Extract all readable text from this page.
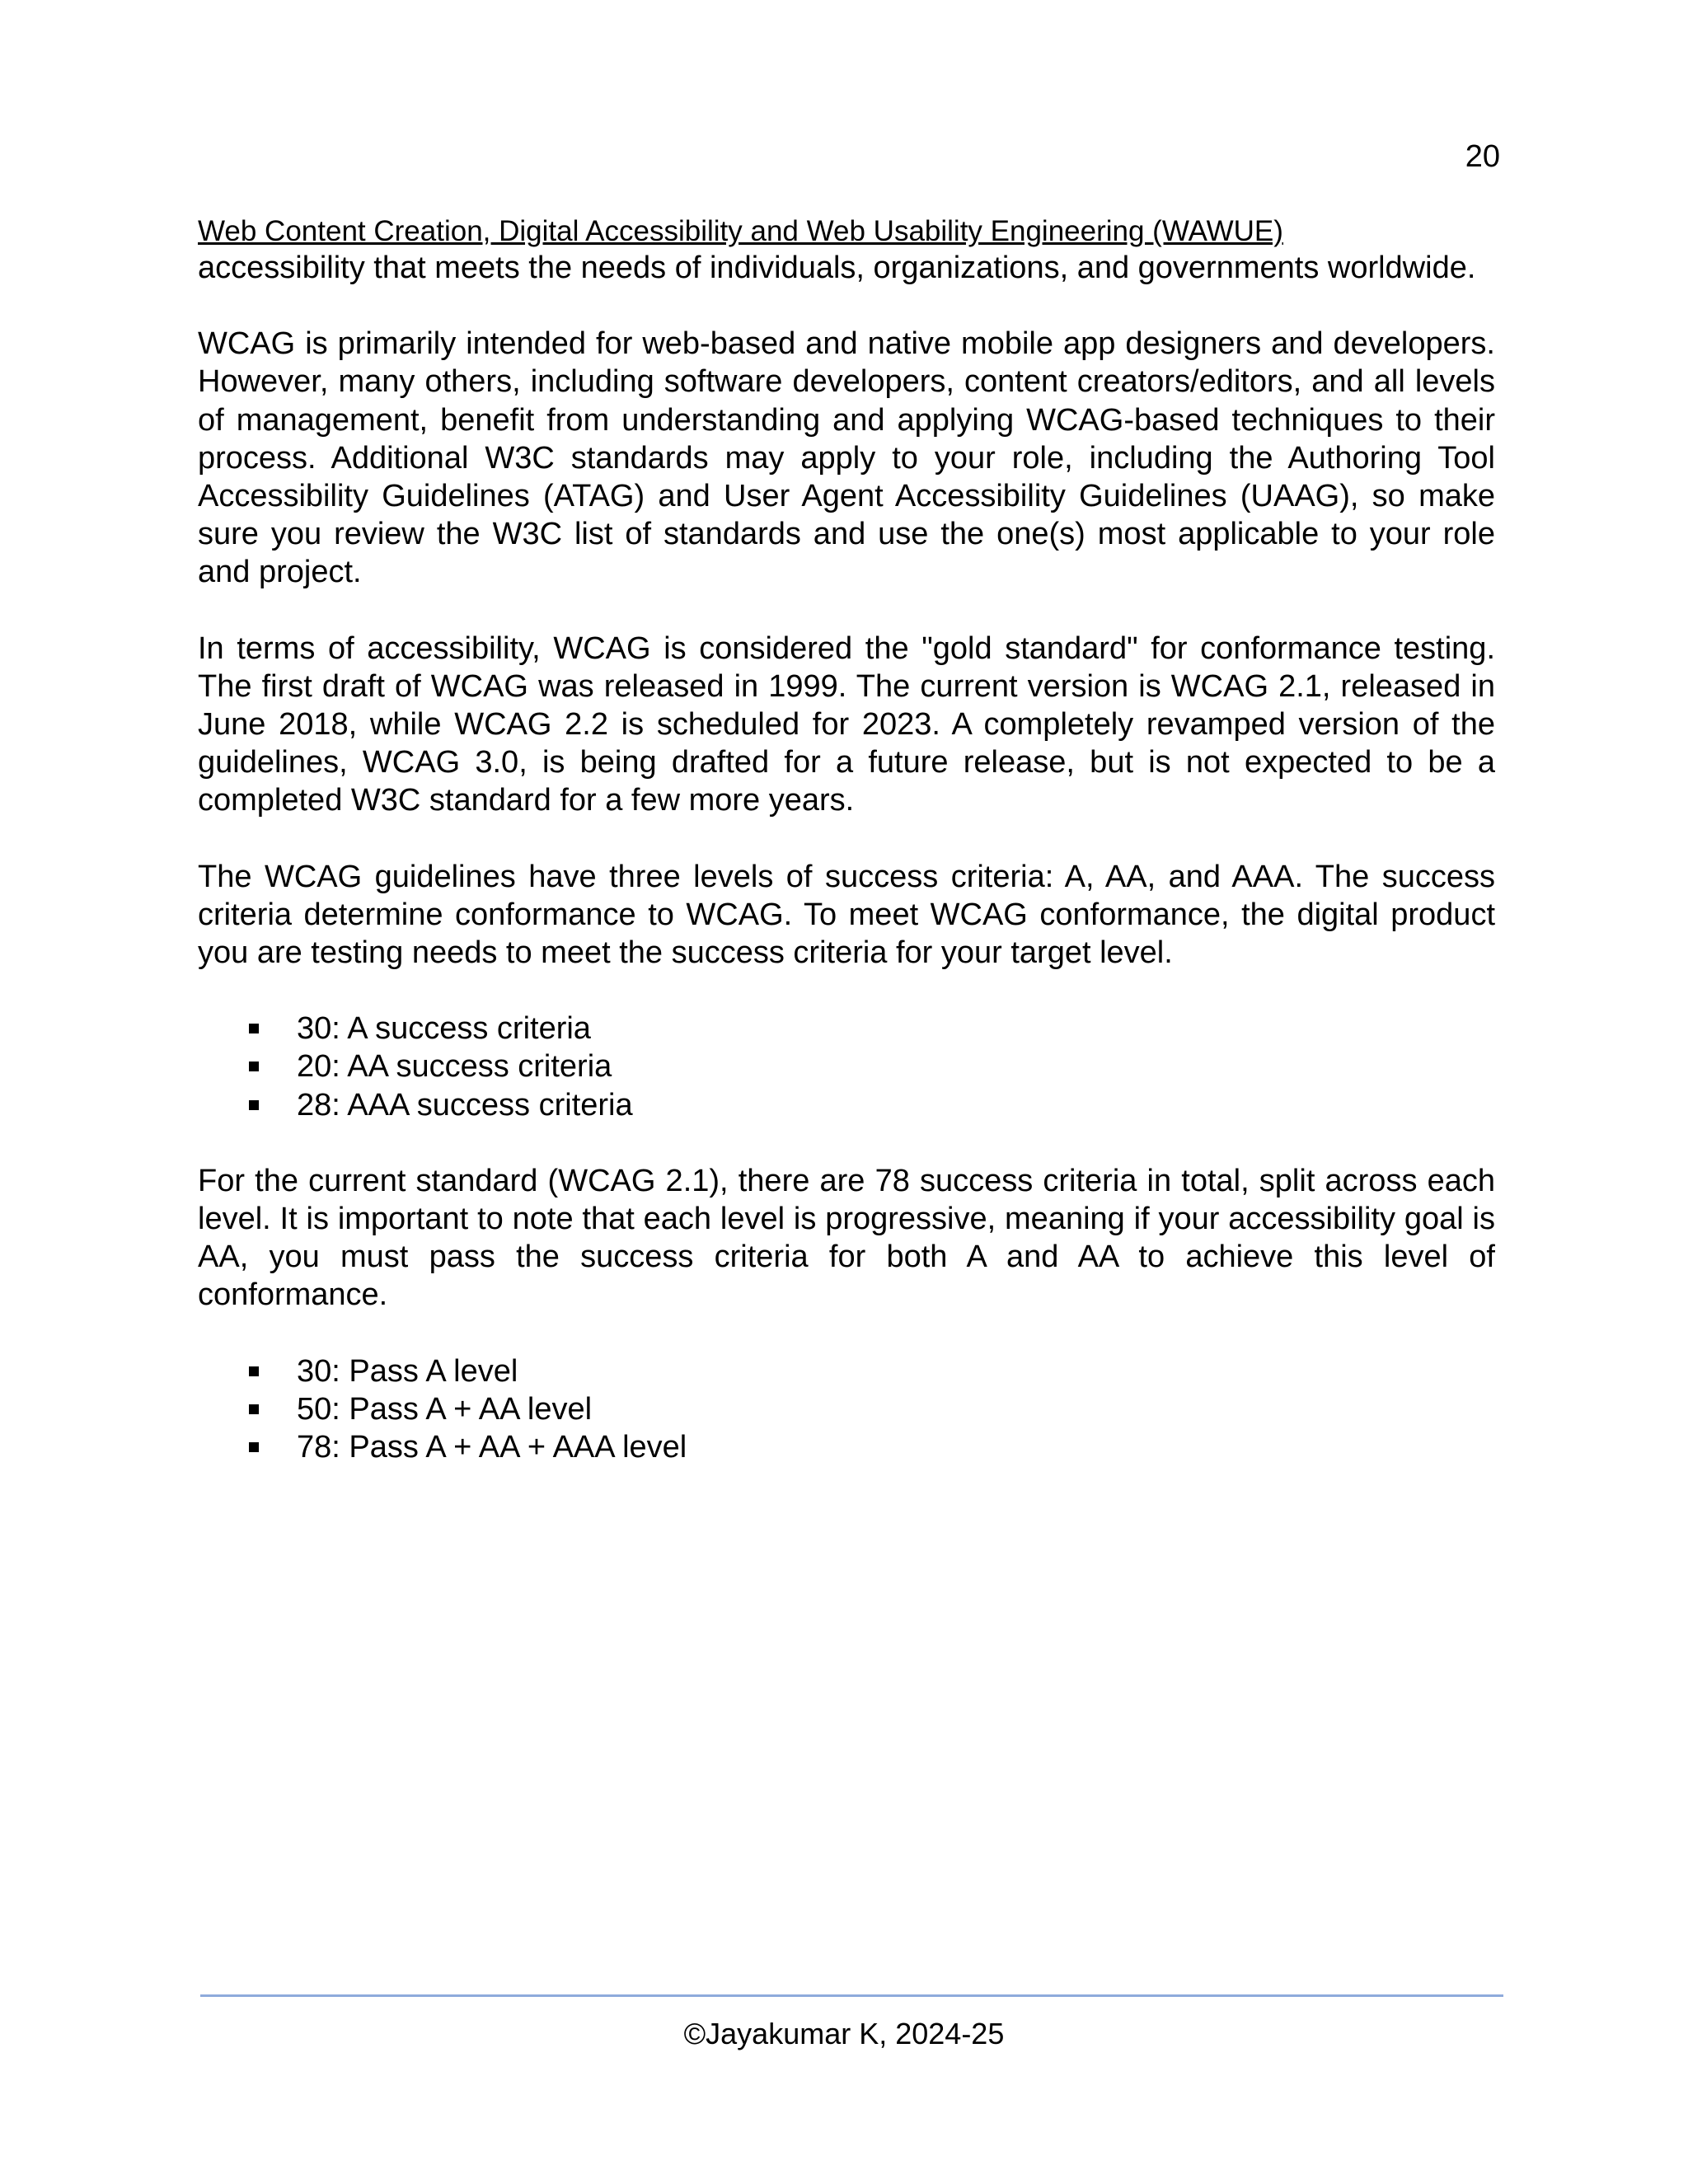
20
Web Content Creation, Digital Accessibility and Web Usability Engineering (WAWUE)

accessibility that meets the needs of individuals, organizations, and governments worldwide.

WCAG is primarily intended for web-based and native mobile app designers and developers. However, many others, including software developers, content creators/editors, and all levels of management, benefit from understanding and applying WCAG-based techniques to their process. Additional W3C standards may apply to your role, including the Authoring Tool Accessibility Guidelines (ATAG) and User Agent Accessibility Guidelines (UAAG), so make sure you review the W3C list of standards and use the one(s) most applicable to your role and project.

In terms of accessibility, WCAG is considered the "gold standard" for conformance testing. The first draft of WCAG was released in 1999. The current version is WCAG 2.1, released in June 2018, while WCAG 2.2 is scheduled for 2023. A completely revamped version of the guidelines, WCAG 3.0, is being drafted for a future release, but is not expected to be a completed W3C standard for a few more years.

The WCAG guidelines have three levels of success criteria: A, AA, and AAA. The success criteria determine conformance to WCAG. To meet WCAG conformance, the digital product you are testing needs to meet the success criteria for your target level.

30: A success criteria
20: AA success criteria
28: AAA success criteria

For the current standard (WCAG 2.1), there are 78 success criteria in total, split across each level. It is important to note that each level is progressive, meaning if your accessibility goal is AA, you must pass the success criteria for both A and AA to achieve this level of conformance.

30: Pass A level
50: Pass A + AA level
78: Pass A + AA + AAA level
©Jayakumar K, 2024-25
